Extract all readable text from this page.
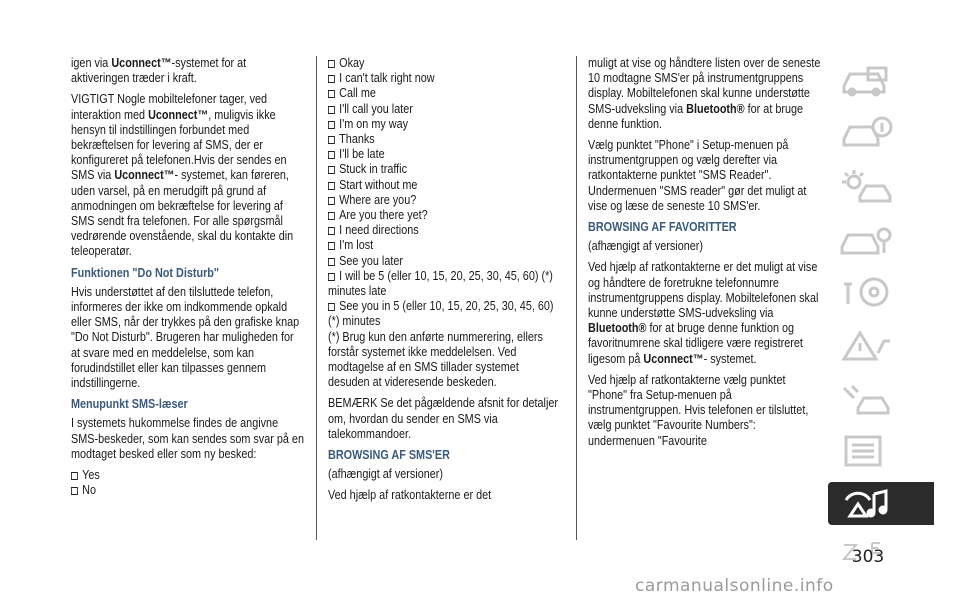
igen via Uconnect™-systemet for at aktiveringen træder i kraft.

VIGTIGT Nogle mobiltelefoner tager, ved interaktion med Uconnect™, muligvis ikke hensyn til indstillingen forbundet med bekræftelsen for levering af SMS, der er konfigureret på telefonen.Hvis der sendes en SMS via Uconnect™- systemet, kan føreren, uden varsel, på en merudgift på grund af anmodningen om bekræftelse for levering af SMS sendt fra telefonen. For alle spørgsmål vedrørende ovenstående, skal du kontakte din teleoperatør.

Funktionen "Do Not Disturb"

Hvis understøttet af den tilsluttede telefon, informeres der ikke om indkommende opkald eller SMS, når der trykkes på den grafiske knap "Do Not Disturb". Brugeren har muligheden for at svare med en meddelelse, som kan forudindstillet eller kan tilpasses gennem indstillingerne.

Menupunkt SMS-læser

I systemets hukommelse findes de angivne SMS-beskeder, som kan sendes som svar på en modtaget besked eller som ny besked:

Yes
No
Okay
I can't talk right now
Call me
I'll call you later
I'm on my way
Thanks
I'll be late
Stuck in traffic
Start without me
Where are you?
Are you there yet?
I need directions
I'm lost
See you later
I will be 5 (eller 10, 15, 20, 25, 30, 45, 60) (*) minutes late
See you in 5 (eller 10, 15, 20, 25, 30, 45, 60) (*) minutes

(*) Brug kun den anførte nummerering, ellers forstår systemet ikke meddelelsen. Ved modtagelse af en SMS tillader systemet desuden at videresende beskeden.

BEMÆRK Se det pågældende afsnit for detaljer om, hvordan du sender en SMS via talekommandoer.

BROWSING AF SMS'ER

(afhængigt af versioner)

Ved hjælp af ratkontakterne er det

muligt at vise og håndtere listen over de seneste 10 modtagne SMS'er på instrumentgruppens display. Mobiltelefonen skal kunne understøtte SMS-udveksling via Bluetooth® for at bruge denne funktion.

Vælg punktet "Phone" i Setup-menuen på instrumentgruppen og vælg derefter via ratkontakterne punktet "SMS Reader". Undermenuen "SMS reader" gør det muligt at vise og læse de seneste 10 SMS'er.

BROWSING AF FAVORITTER

(afhængigt af versioner)

Ved hjælp af ratkontakterne er det muligt at vise og håndtere de foretrukne telefonnumre instrumentgruppens display. Mobiltelefonen skal kunne understøtte SMS-udveksling via Bluetooth® for at bruge denne funktion og favoritnumrene skal tidligere være registreret ligesom på Uconnect™- systemet.

Ved hjælp af ratkontakterne vælg punktet "Phone" fra Setup-menuen på instrumentgruppen. Hvis telefonen er tilsluttet, vælg punktet "Favourite Numbers": undermenuen "Favourite

303
carmanualsonline.info
